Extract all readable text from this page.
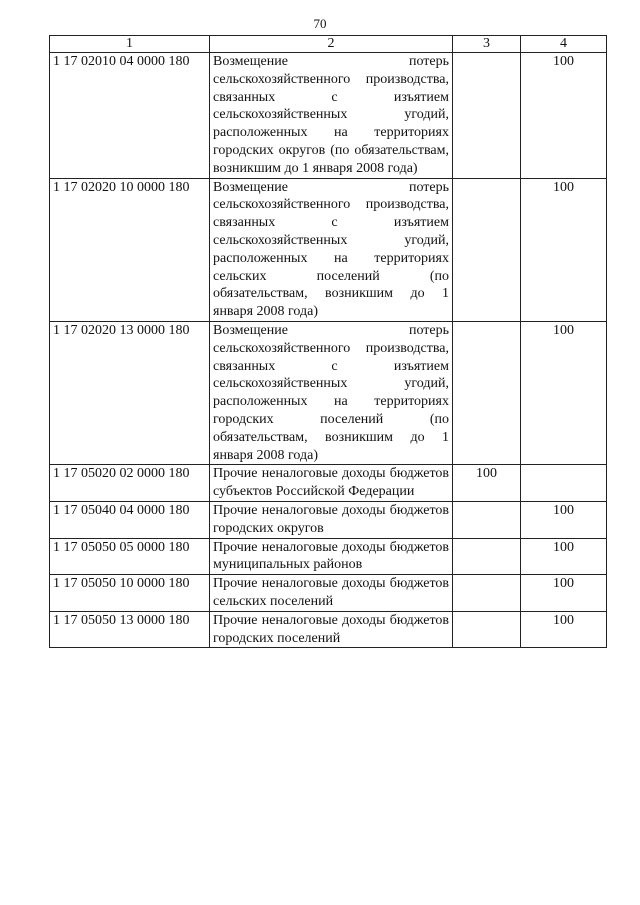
70
1	2	3	4
1 17 02010 04 0000 180	Возмещение потерь сельскохозяйственного производства, связанных с изъятием сельскохозяйственных угодий, расположенных на территориях городских округов (по обязательствам, возникшим до 1 января 2008 года)		100
1 17 02020 10 0000 180	Возмещение потерь сельскохозяйственного производства, связанных с изъятием сельскохозяйственных угодий, расположенных на территориях сельских поселений (по обязательствам, возникшим до 1 января 2008 года)		100
1 17 02020 13 0000 180	Возмещение потерь сельскохозяйственного производства, связанных с изъятием сельскохозяйственных угодий, расположенных на территориях городских поселений (по обязательствам, возникшим до 1 января 2008 года)		100
1 17 05020 02 0000 180	Прочие неналоговые доходы бюджетов субъектов Российской Федерации	100	
1 17 05040 04 0000 180	Прочие неналоговые доходы бюджетов городских округов		100
1 17 05050 05 0000 180	Прочие неналоговые доходы бюджетов муниципальных районов		100
1 17 05050 10 0000 180	Прочие неналоговые доходы бюджетов сельских поселений		100
1 17 05050 13 0000 180	Прочие неналоговые доходы бюджетов городских поселений		100
